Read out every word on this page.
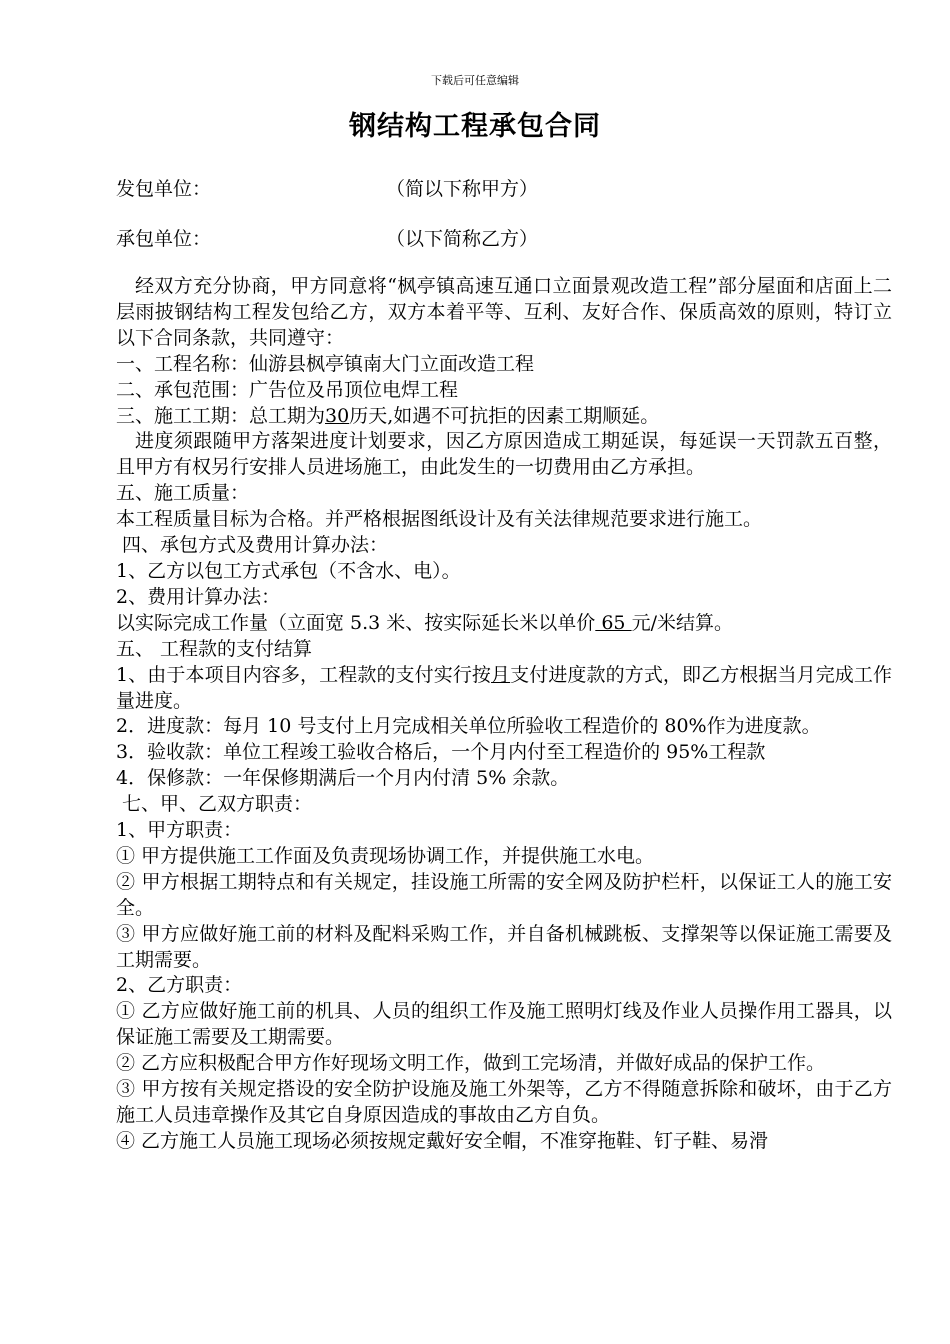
下载后可任意编辑
钢结构工程承包合同
发包单位：	（简以下称甲方）
承包单位：	（以下简称乙方）

经双方充分协商，甲方同意将“枫亭镇高速互通口立面景观改造工程”部分屋面和店面上二层雨披钢结构工程发包给乙方，双方本着平等、互利、友好合作、保质高效的原则，特订立以下合同条款，共同遵守：

一、工程名称：仙游县枫亭镇南大门立面改造工程

二、承包范围：广告位及吊顶位电焊工程

三、施工工期：总工期为30历天,如遇不可抗拒的因素工期顺延。

进度须跟随甲方落架进度计划要求，因乙方原因造成工期延误，每延误一天罚款五百整，且甲方有权另行安排人员进场施工，由此发生的一切费用由乙方承担。

五、施工质量：

本工程质量目标为合格。并严格根据图纸设计及有关法律规范要求进行施工。

四、承包方式及费用计算办法：

1、乙方以包工方式承包（不含水、电）。

2、费用计算办法：

以实际完成工作量（立面宽 5.3 米、按实际延长米以单价 65 元/米结算。

五、 工程款的支付结算

1、由于本项目内容多，工程款的支付实行按月支付进度款的方式，即乙方根据当月完成工作量进度。

2．进度款：每月 10 号支付上月完成相关单位所验收工程造价的 80%作为进度款。

3．验收款：单位工程竣工验收合格后，一个月内付至工程造价的 95%工程款

4．保修款：一年保修期满后一个月内付清 5% 余款。

七、甲、乙双方职责：

1、甲方职责：

① 甲方提供施工工作面及负责现场协调工作，并提供施工水电。

② 甲方根据工期特点和有关规定，挂设施工所需的安全网及防护栏杆，以保证工人的施工安全。

③ 甲方应做好施工前的材料及配料采购工作，并自备机械跳板、支撑架等以保证施工需要及工期需要。

2、乙方职责：

① 乙方应做好施工前的机具、人员的组织工作及施工照明灯线及作业人员操作用工器具，以保证施工需要及工期需要。

② 乙方应积极配合甲方作好现场文明工作，做到工完场清，并做好成品的保护工作。

③ 甲方按有关规定搭设的安全防护设施及施工外架等，乙方不得随意拆除和破坏，由于乙方施工人员违章操作及其它自身原因造成的事故由乙方自负。

④ 乙方施工人员施工现场必须按规定戴好安全帽，不准穿拖鞋、钉子鞋、易滑
